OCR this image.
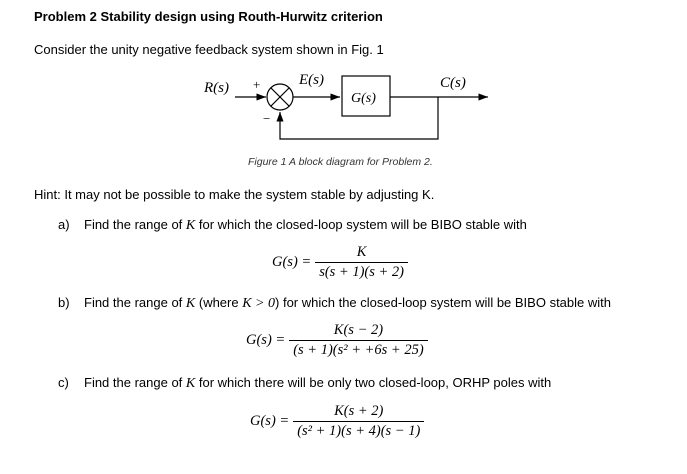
Problem 2 Stability design using Routh-Hurwitz criterion
Consider the unity negative feedback system shown in Fig. 1
R(s) +	E(s)
G(s)
C(s)
−
Figure 1 A block diagram for Problem 2.
Hint: It may not be possible to make the system stable by adjusting K.
a) Find the range of K for which the closed-loop system will be BIBO stable with
$G(s) = \frac{K}{s(s + 1)(s + 2)}$
b) Find the range of K (where K > 0) for which the closed-loop system will be BIBO stable with
$G(s) = \frac{K(s - 2)}{\text{(s + 1)(s² + +6s + 25)}}$
c) Find the range of K for which there will be only two closed-loop, ORHP poles with
$G(s) = \frac{K(s + 2)}{\text{(s² + 1)(s + 4)(s − 1)}}$
